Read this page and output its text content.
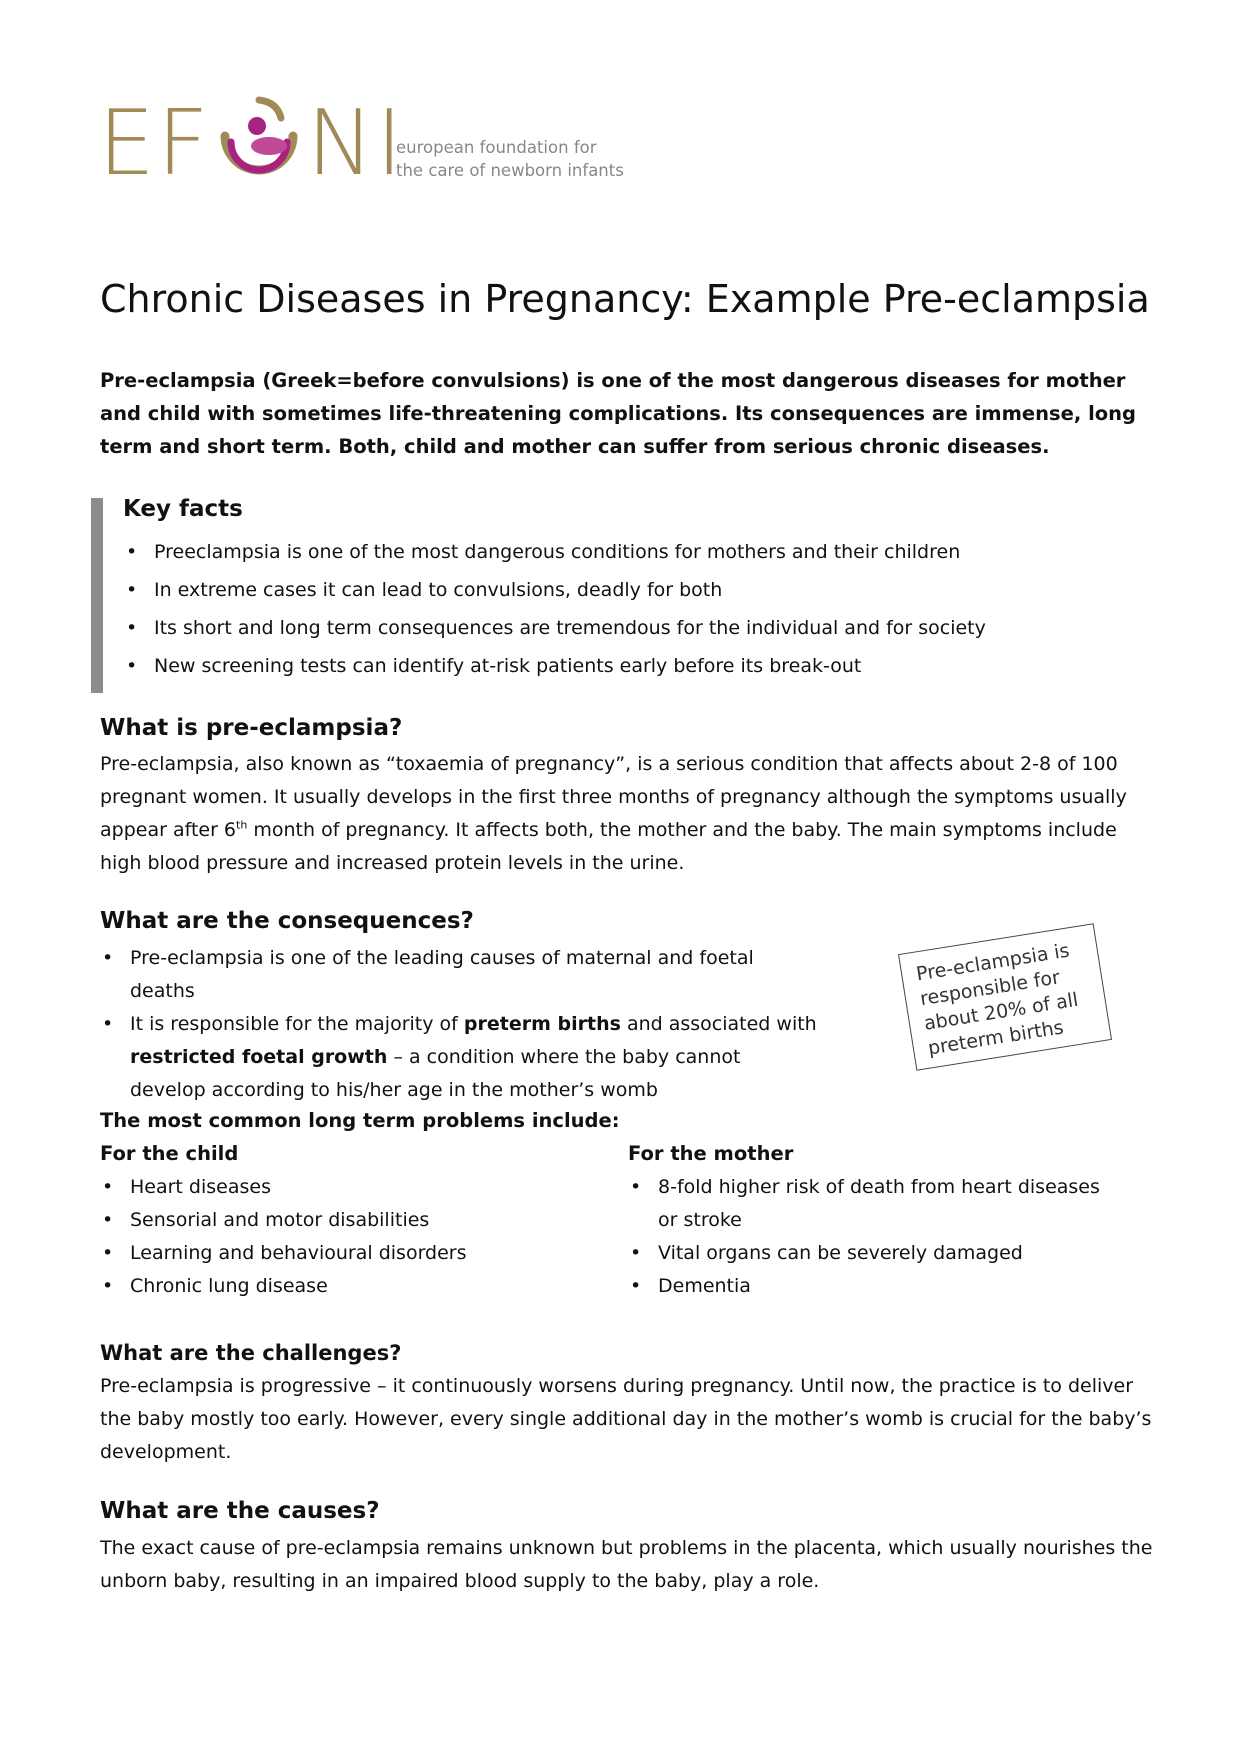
EF NI
european foundation for
the care of newborn infants
Chronic Diseases in Pregnancy: Example Pre-eclampsia
Pre-eclampsia (Greek=before convulsions) is one of the most dangerous diseases for mother and child with sometimes life-threatening complications. Its consequences are immense, long term and short term. Both, child and mother can suffer from serious chronic diseases.
Key facts
• Preeclampsia is one of the most dangerous conditions for mothers and their children
• In extreme cases it can lead to convulsions, deadly for both
• Its short and long term consequences are tremendous for the individual and for society
• New screening tests can identify at-risk patients early before its break-out
What is pre-eclampsia?
Pre-eclampsia, also known as “toxaemia of pregnancy”, is a serious condition that affects about 2-8 of 100 pregnant women. It usually develops in the first three months of pregnancy although the symptoms usually appear after 6th month of pregnancy. It affects both, the mother and the baby. The main symptoms include high blood pressure and increased protein levels in the urine.
What are the consequences?
• Pre-eclampsia is one of the leading causes of maternal and foetal deaths
• It is responsible for the majority of preterm births and associated with restricted foetal growth – a condition where the baby cannot develop according to his/her age in the mother’s womb
Pre-eclampsia is responsible for about 20% of all preterm births
The most common long term problems include:
For the child
• Heart diseases
• Sensorial and motor disabilities
• Learning and behavioural disorders
• Chronic lung disease
For the mother
• 8-fold higher risk of death from heart diseases or stroke
• Vital organs can be severely damaged
• Dementia
What are the challenges?
Pre-eclampsia is progressive – it continuously worsens during pregnancy. Until now, the practice is to deliver the baby mostly too early. However, every single additional day in the mother’s womb is crucial for the baby’s development.
What are the causes?
The exact cause of pre-eclampsia remains unknown but problems in the placenta, which usually nourishes the unborn baby, resulting in an impaired blood supply to the baby, play a role.
